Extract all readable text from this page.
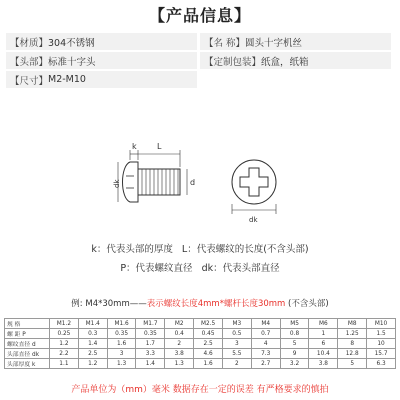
【产品信息】
【材质】 304不锈钢	【名 称】 圆头十字机丝
【头部】 标准十字头	【定制包装】 纸盒，纸箱
【尺寸】 M2-M10
k	L
dk	d
dk
k：代表头部的厚度 L：代表螺纹的长度(不含头部)
P：代表螺纹直径 dk：代表头部直径
例: M4*30mm——表示螺纹长度4mm*螺杆长度30mm (不含头部)
规 格	M1.2	M1.4	M1.6	M1.7	M2	M2.5	M3	M4	M5	M6	M8	M10
螺 距 P	0.25	0.3	0.35	0.35	0.4	0.45	0.5	0.7	0.8	1	1.25	1.5
螺纹直径 d	1.2	1.4	1.6	1.7	2	2.5	3	4	5	6	8	10
头部直径 dk	2.2	2.5	3	3.3	3.8	4.6	5.5	7.3	9	10.4	12.8	15.7
头部厚度 k	1.1	1.2	1.3	1.4	1.3	1.6	2	2.7	3.2	3.8	5	6.3
产品单位为（mm）毫米 数据存在一定的误差 有严格要求的慎拍
